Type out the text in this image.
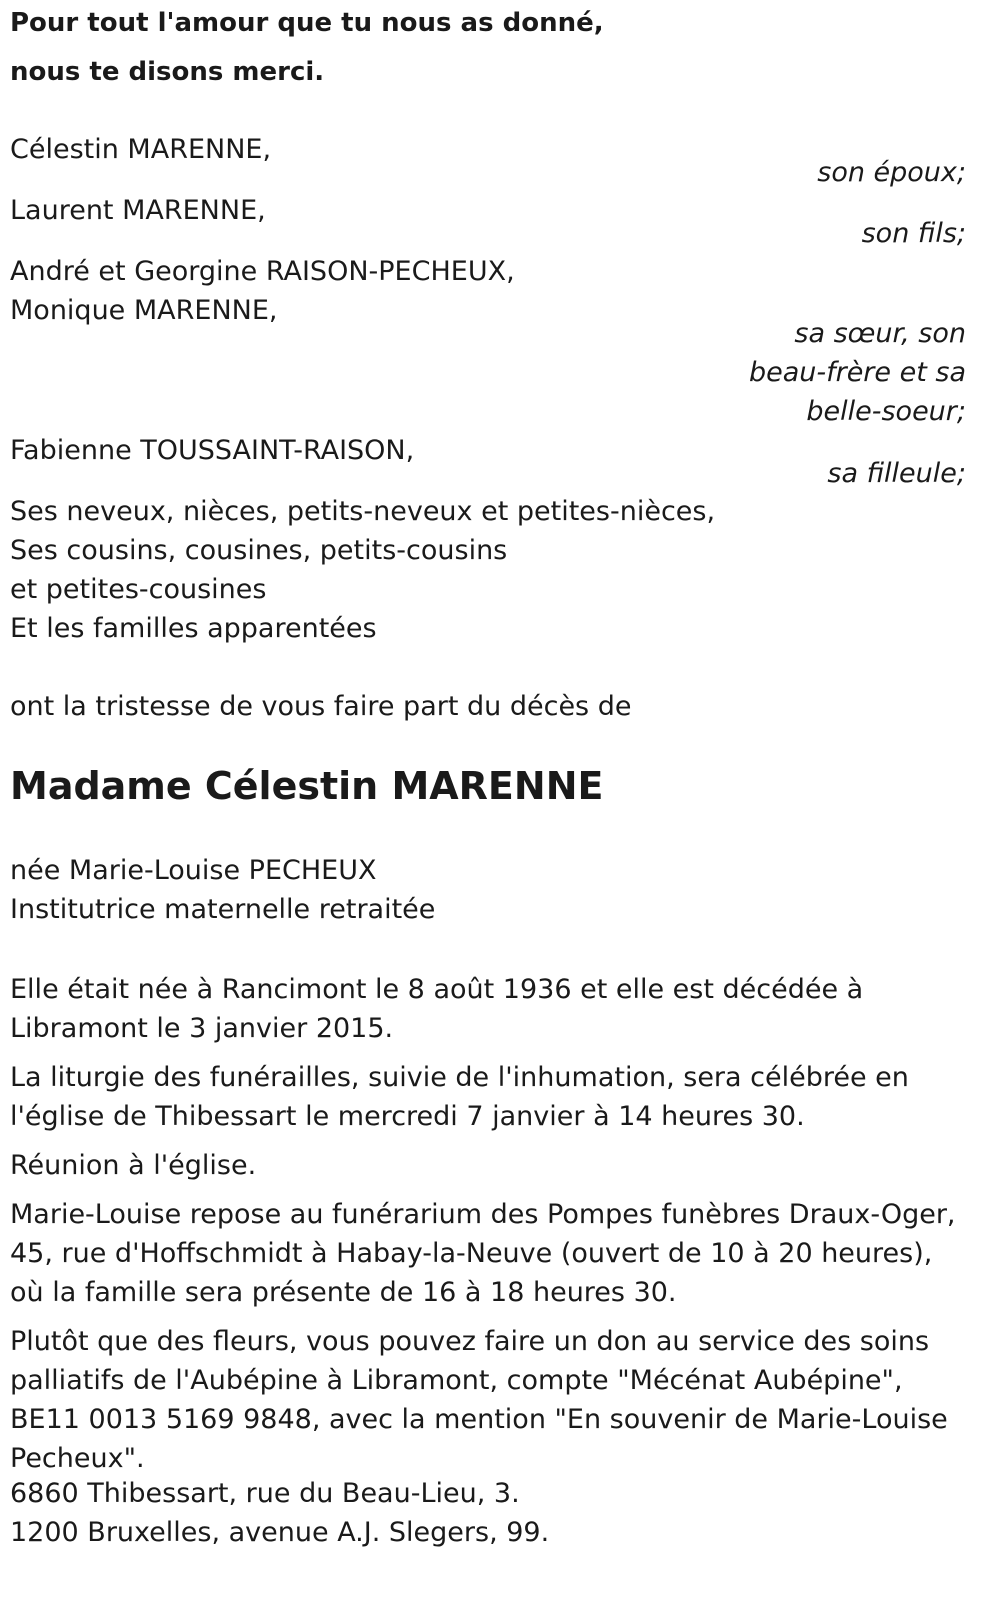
Pour tout l'amour que tu nous as donné,
nous te disons merci.
Célestin MARENNE,
son époux;
Laurent MARENNE,
son fils;
André et Georgine RAISON-PECHEUX,
Monique MARENNE,
sa sœur, son
beau-frère et sa
belle-soeur;
Fabienne TOUSSAINT-RAISON,
sa filleule;
Ses neveux, nièces, petits-neveux et petites-nièces,
Ses cousins, cousines, petits-cousins
et petites-cousines
Et les familles apparentées
ont la tristesse de vous faire part du décès de
Madame Célestin MARENNE
née Marie-Louise PECHEUX
Institutrice maternelle retraitée
Elle était née à Rancimont le 8 août 1936 et elle est décédée à Libramont le 3 janvier 2015.
La liturgie des funérailles, suivie de l'inhumation, sera célébrée en l'église de Thibessart le mercredi 7 janvier à 14 heures 30.
Réunion à l'église.
Marie-Louise repose au funérarium des Pompes funèbres Draux-Oger, 45, rue d'Hoffschmidt à Habay-la-Neuve (ouvert de 10 à 20 heures), où la famille sera présente de 16 à 18 heures 30.
Plutôt que des fleurs, vous pouvez faire un don au service des soins palliatifs de l'Aubépine à Libramont, compte "Mécénat Aubépine", BE11 0013 5169 9848, avec la mention "En souvenir de Marie-Louise Pecheux".
6860 Thibessart, rue du Beau-Lieu, 3.
1200 Bruxelles, avenue A.J. Slegers, 99.
